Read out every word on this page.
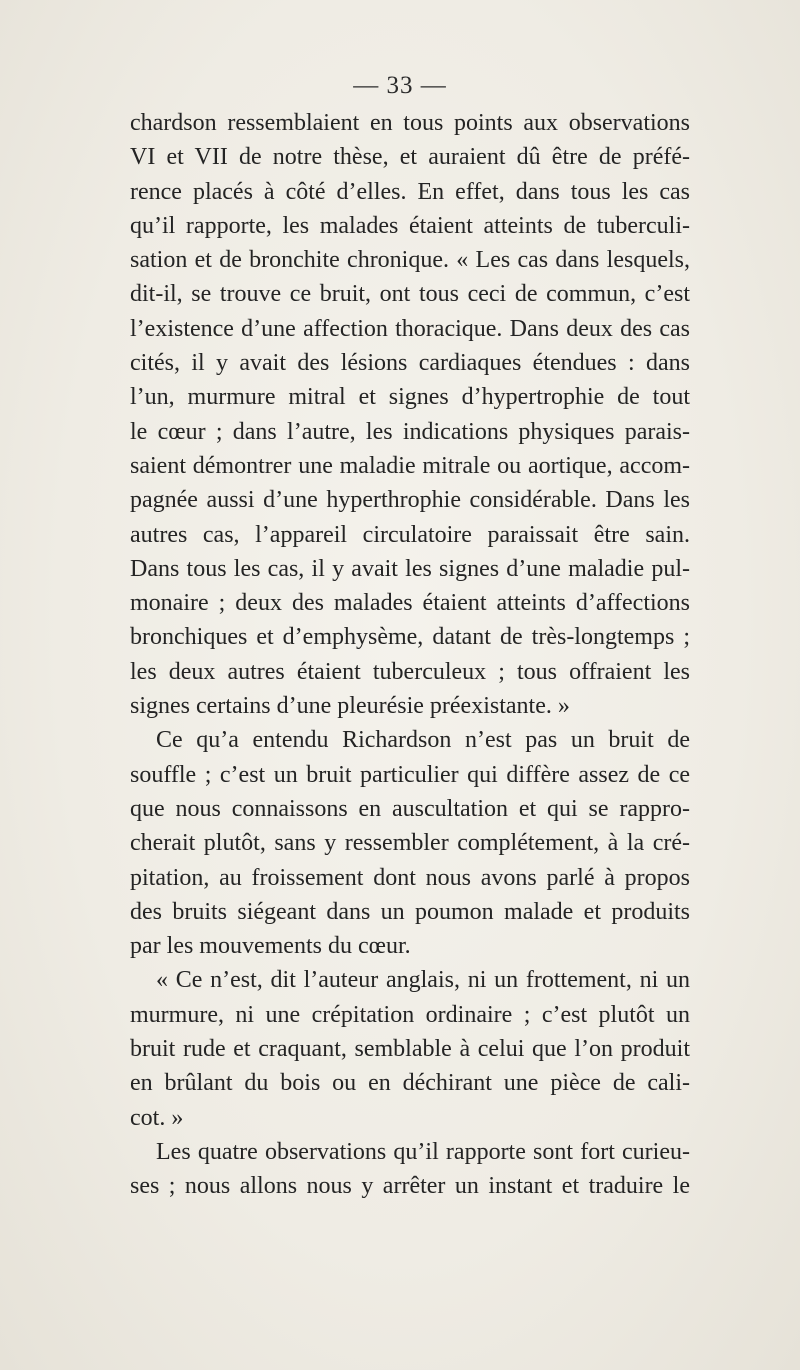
— 33 —
chardson ressemblaient en tous points aux observations
VI et VII de notre thèse, et auraient dû être de préfé-
rence placés à côté d’elles. En effet, dans tous les cas
qu’il rapporte, les malades étaient atteints de tuberculi-
sation et de bronchite chronique. « Les cas dans lesquels,
dit-il, se trouve ce bruit, ont tous ceci de commun, c’est
l’existence d’une affection thoracique. Dans deux des cas
cités, il y avait des lésions cardiaques étendues : dans
l’un, murmure mitral et signes d’hypertrophie de tout
le cœur ; dans l’autre, les indications physiques parais-
saient démontrer une maladie mitrale ou aortique, accom-
pagnée aussi d’une hyperthrophie considérable. Dans les
autres cas, l’appareil circulatoire paraissait être sain.
Dans tous les cas, il y avait les signes d’une maladie pul-
monaire ; deux des malades étaient atteints d’affections
bronchiques et d’emphysème, datant de très-longtemps ;
les deux autres étaient tuberculeux ; tous offraient les
signes certains d’une pleurésie préexistante. »
Ce qu’a entendu Richardson n’est pas un bruit de
souffle ; c’est un bruit particulier qui diffère assez de ce
que nous connaissons en auscultation et qui se rappro-
cherait plutôt, sans y ressembler complétement, à la cré-
pitation, au froissement dont nous avons parlé à propos
des bruits siégeant dans un poumon malade et produits
par les mouvements du cœur.
« Ce n’est, dit l’auteur anglais, ni un frottement, ni un
murmure, ni une crépitation ordinaire ; c’est plutôt un
bruit rude et craquant, semblable à celui que l’on produit
en brûlant du bois ou en déchirant une pièce de cali-
cot. »
Les quatre observations qu’il rapporte sont fort curieu-
ses ; nous allons nous y arrêter un instant et traduire le
